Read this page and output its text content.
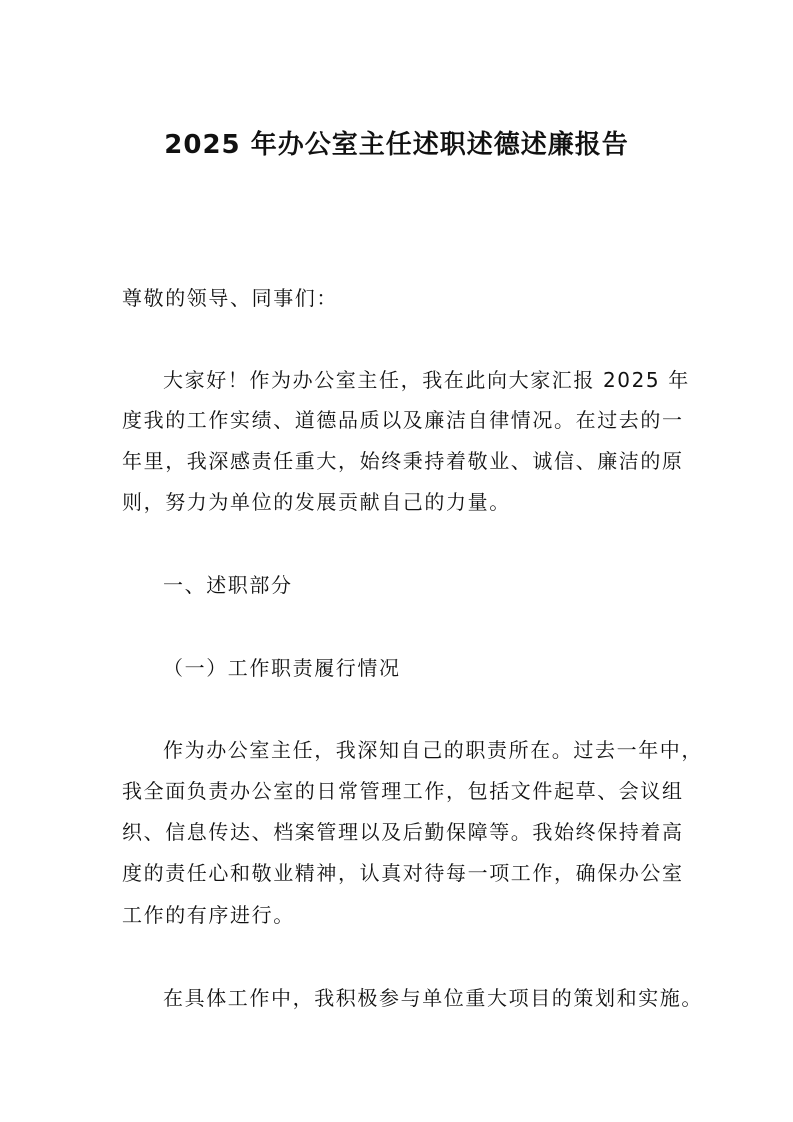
2025 年办公室主任述职述德述廉报告
尊敬的领导、同事们：
大家好！作为办公室主任，我在此向大家汇报 2025 年
度我的工作实绩、道德品质以及廉洁自律情况。在过去的一
年里，我深感责任重大，始终秉持着敬业、诚信、廉洁的原
则，努力为单位的发展贡献自己的力量。
一、述职部分
（一）工作职责履行情况
作为办公室主任，我深知自己的职责所在。过去一年中，
我全面负责办公室的日常管理工作，包括文件起草、会议组
织、信息传达、档案管理以及后勤保障等。我始终保持着高
度的责任心和敬业精神，认真对待每一项工作，确保办公室
工作的有序进行。
在具体工作中，我积极参与单位重大项目的策划和实施。
